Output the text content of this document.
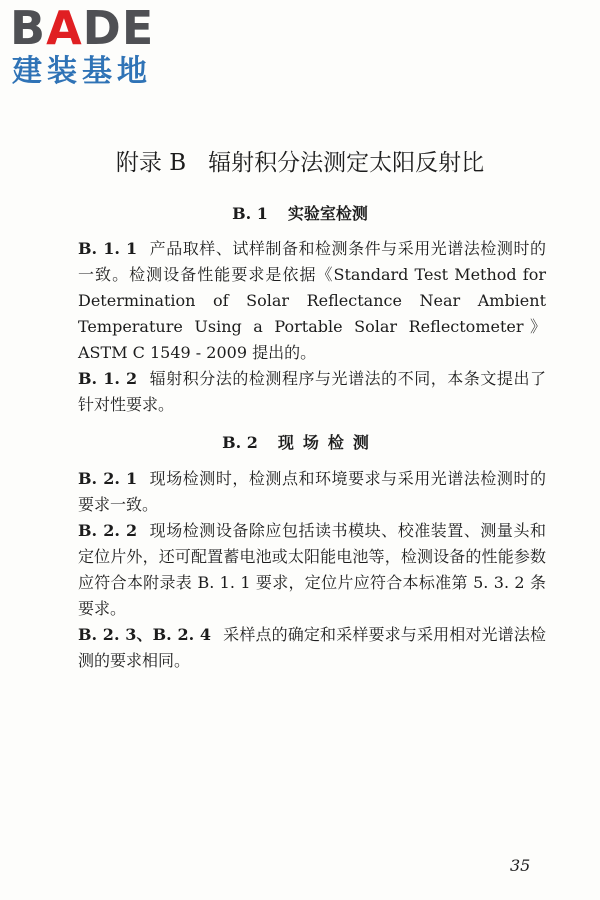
BADE
建装基地
附录 B 辐射积分法测定太阳反射比
B. 1 实验室检测
B. 1. 1 产品取样、试样制备和检测条件与采用光谱法检测时的一致。检测设备性能要求是依据《Standard Test Method for Determination of Solar Reflectance Near Ambient Temperature Using a Portable Solar Reflectometer》ASTM C 1549 - 2009 提出的。
B. 1. 2 辐射积分法的检测程序与光谱法的不同，本条文提出了针对性要求。
B. 2 现场检测
B. 2. 1 现场检测时，检测点和环境要求与采用光谱法检测时的要求一致。
B. 2. 2 现场检测设备除应包括读书模块、校准装置、测量头和定位片外，还可配置蓄电池或太阳能电池等，检测设备的性能参数应符合本附录表 B. 1. 1 要求，定位片应符合本标准第 5. 3. 2 条要求。
B. 2. 3、B. 2. 4 采样点的确定和采样要求与采用相对光谱法检测的要求相同。
35
